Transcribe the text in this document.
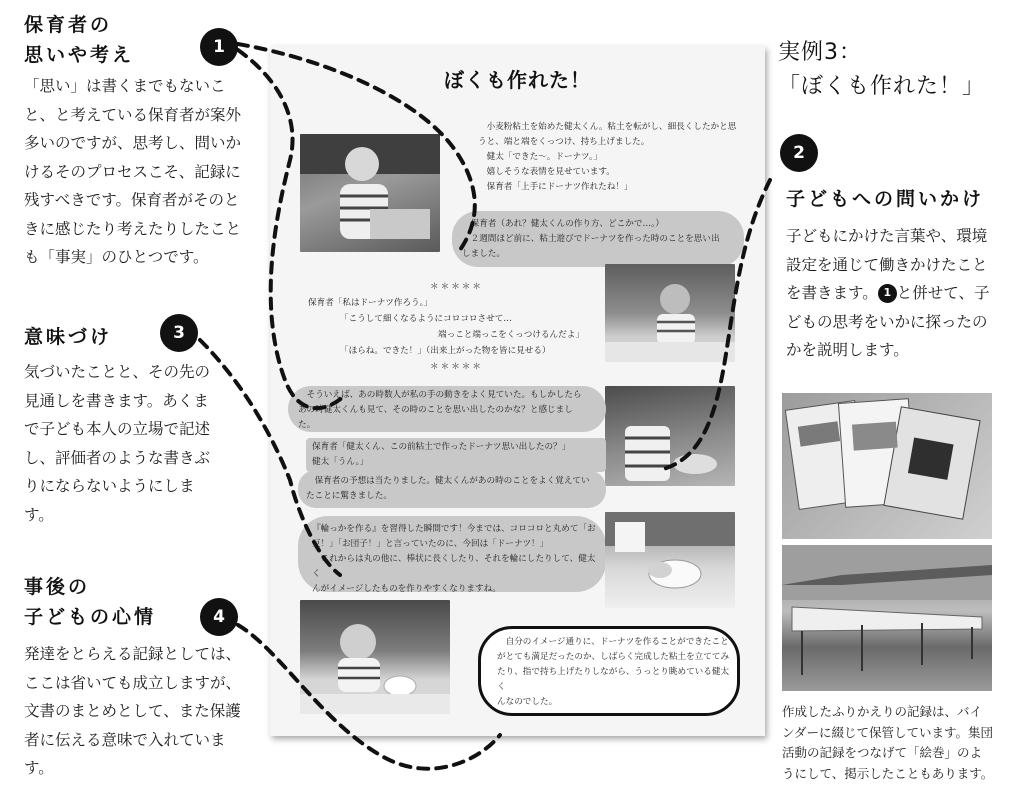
保育者の
思いや考え	1
「思い」は書くまでもないこと、と考えている保育者が案外多いのですが、思考し、問いかけるそのプロセスこそ、記録に残すべきです。保育者がそのときに感じたり考えたりしたことも「事実」のひとつです。
意味づけ	3
気づいたことと、その先の見通しを書きます。あくまで子ども本人の立場で記述し、評価者のような書きぶりにならないようにします。
事後の
子どもの心情	4
発達をとらえる記録としては、ここは省いても成立しますが、文書のまとめとして、また保護者に伝える意味で入れています。
ぼくも作れた！
　小麦粉粘土を始めた健太くん。粘土を転がし、細長くしたかと思
うと、端と端をくっつけ、持ち上げました。
　健太「できた～。ドーナツ。」
　嬉しそうな表情を見せています。
　保育者「上手にドーナツ作れたね！」
　保育者（あれ？健太くんの作り方、どこかで…。）
　２週間ほど前に、粘土遊びでドーナツを作った時のことを思い出
しました。
＊＊＊＊＊
保育者「私はドーナツ作ろう。」
「こうして細くなるようにコロコロさせて…
端っこと端っこをくっつけるんだよ」
「ほらね。できた！」（出来上がった物を皆に見せる）
＊＊＊＊＊
　そういえば、あの時数人が私の手の動きをよく見ていた。もしかしたら
あの時健太くんも見て、その時のことを思い出したのかな？と感じまし
た。
保育者「健太くん、この前粘土で作ったドーナツ思い出したの？」
健太「うん。」
　保育者の予想は当たりました。健太くんがあの時のことをよく覚えてい
たことに驚きました。
『輪っかを作る』を習得した瞬間です！今までは、コロコロと丸めて「お
豆！」「お団子！」と言っていたのに、今回は「ドーナツ！」
　これからは丸の他に、棒状に長くしたり、それを輪にしたりして、健太く
んがイメージしたものを作りやすくなりますね。
　自分のイメージ通りに、ドーナツを作ることができたこと
がとても満足だったのか、しばらく完成した粘土を立ててみ
たり、指で持ち上げたりしながら、うっとり眺めている健太く
んなのでした。
実例3：
「ぼくも作れた！」
2
子どもへの問いかけ
子どもにかけた言葉や、環境設定を通じて働きかけたことを書きます。 1 と併せて、子どもの思考をいかに探ったのかを説明します。
作成したふりかえりの記録は、バインダーに綴じて保管しています。集団活動の記録をつなげて「絵巻」のようにして、掲示したこともあります。
